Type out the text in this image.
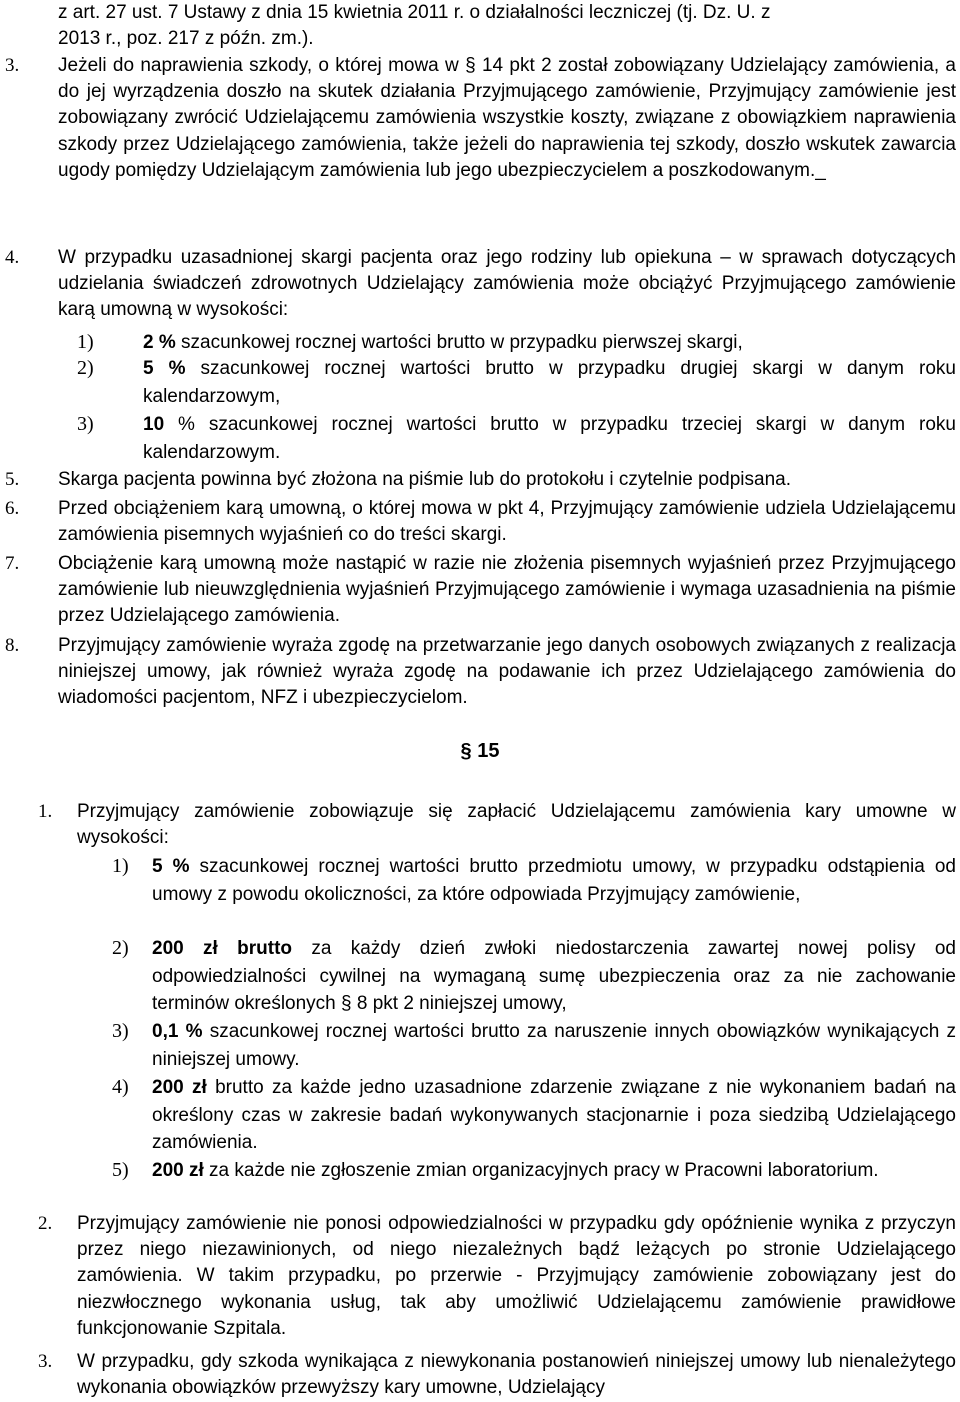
z art. 27 ust. 7 Ustawy z dnia 15 kwietnia 2011 r. o działalności leczniczej (tj. Dz. U. z
2013 r., poz. 217 z późn. zm.).
3. Jeżeli do naprawienia szkody, o której mowa w § 14 pkt 2 został zobowiązany Udzielający zamówienia, a do jej wyrządzenia doszło na skutek działania Przyjmującego zamówienie, Przyjmujący zamówienie jest zobowiązany zwrócić Udzielającemu zamówienia wszystkie koszty, związane z obowiązkiem naprawienia szkody przez Udzielającego zamówienia, także jeżeli do naprawienia tej szkody, doszło wskutek zawarcia ugody pomiędzy Udzielającym zamówienia lub jego ubezpieczycielem a poszkodowanym._
4. W przypadku uzasadnionej skargi pacjenta oraz jego rodziny lub opiekuna – w sprawach dotyczących udzielania świadczeń zdrowotnych Udzielający zamówienia może obciążyć Przyjmującego zamówienie karą umowną w wysokości:
1)	2 % szacunkowej rocznej wartości brutto w przypadku pierwszej skargi,
2)	5 % szacunkowej rocznej wartości brutto w przypadku drugiej skargi w danym roku kalendarzowym,
3)	10 % szacunkowej rocznej wartości brutto w przypadku trzeciej skargi w danym roku kalendarzowym.
5. Skarga pacjenta powinna być złożona na piśmie lub do protokołu i czytelnie podpisana.
6. Przed obciążeniem karą umowną, o której mowa w pkt 4, Przyjmujący zamówienie udziela Udzielającemu zamówienia pisemnych wyjaśnień co do treści skargi.
7. Obciążenie karą umowną może nastąpić w razie nie złożenia pisemnych wyjaśnień przez Przyjmującego zamówienie lub nieuwzględnienia wyjaśnień Przyjmującego zamówienie i wymaga uzasadnienia na piśmie przez Udzielającego zamówienia.
8. Przyjmujący zamówienie wyraża zgodę na przetwarzanie jego danych osobowych związanych z realizacja niniejszej umowy, jak również wyraża zgodę na podawanie ich przez Udzielającego zamówienia do wiadomości pacjentom, NFZ i ubezpieczycielom.
§ 15
1. Przyjmujący zamówienie zobowiązuje się zapłacić Udzielającemu zamówienia kary umowne w wysokości:
1) 5 % szacunkowej rocznej wartości brutto przedmiotu umowy, w przypadku odstąpienia od umowy z powodu okoliczności, za które odpowiada Przyjmujący zamówienie,
2) 200 zł brutto za każdy dzień zwłoki niedostarczenia zawartej nowej polisy od odpowiedzialności cywilnej na wymaganą sumę ubezpieczenia oraz za nie zachowanie terminów określonych § 8 pkt 2 niniejszej umowy,
3) 0,1 % szacunkowej rocznej wartości brutto za naruszenie innych obowiązków wynikających z niniejszej umowy.
4) 200 zł brutto za każde jedno uzasadnione zdarzenie związane z nie wykonaniem badań na określony czas w zakresie badań wykonywanych stacjonarnie i poza siedzibą Udzielającego zamówienia.
5) 200 zł za każde nie zgłoszenie zmian organizacyjnych pracy w Pracowni laboratorium.
2. Przyjmujący zamówienie nie ponosi odpowiedzialności w przypadku gdy opóźnienie wynika z przyczyn przez niego niezawinionych, od niego niezależnych bądź leżących po stronie Udzielającego zamówienia. W takim przypadku, po przerwie - Przyjmujący zamówienie zobowiązany jest do niezwłocznego wykonania usług, tak aby umożliwić Udzielającemu zamówienie prawidłowe funkcjonowanie Szpitala.
3. W przypadku, gdy szkoda wynikająca z niewykonania postanowień niniejszej umowy lub nienależytego wykonania obowiązków przewyższy kary umowne, Udzielający
